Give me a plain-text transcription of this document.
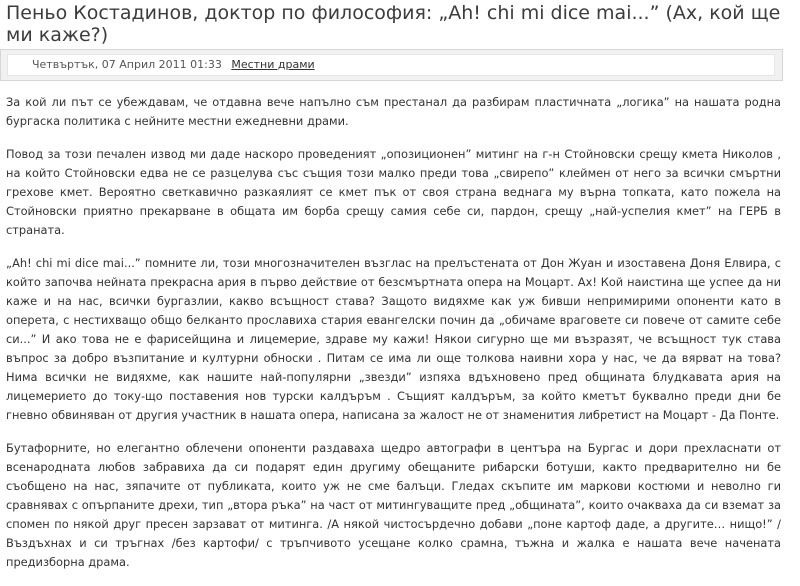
Пеньо Костадинов, доктор по философия: „Ah! chi mi dice mai...” (Ах, кой ще ми каже?)
Четвъртък, 07 Април 2011 01:33 Местни драми

За кой ли път се убеждавам, че отдавна вече напълно съм престанал да разбирам пластичната „логика” на нашата родна бургаска политика с нейните местни ежедневни драми.

Повод за този печален извод ми даде наскоро проведеният „опозиционен” митинг на г-н Стойновски срещу кмета Николов , на който Стойновски едва не се разцелува със същия този малко преди това „свирепо” клеймен от него за всички смъртни грехове кмет. Вероятно светкавично разкаялият се кмет пък от своя страна веднага му върна топката, като пожела на Стойновски приятно прекарване в общата им борба срещу самия себе си, пардон, срещу „най-успелия кмет” на ГЕРБ в страната.

„Ah! chi mi dice mai...” помните ли, този многозначителен възглас на прелъстената от Дон Жуан и изоставена Доня Елвира, с който започва нейната прекрасна ария в първо действие от безсмъртната опера на Моцарт. Ах! Кой наистина ще успее да ни каже и на нас, всички бургазлии, какво всъщност става? Защото видяхме как уж бивши непримирими опоненти като в оперета, с нестихващо общо белканто прославиха стария евангелски почин да „обичаме враговете си повече от самите себе си...” И ако това не е фарисейщина и лицемерие, здраве му кажи! Някои сигурно ще ми възразят, че всъщност тук става въпрос за добро възпитание и културни обноски . Питам се има ли още толкова наивни хора у нас, че да вярват на това? Нима всички не видяхме, как нашите най-популярни „звезди” изпяха вдъхновено пред общината блудкавата ария на лицемерието до току-що поставения нов турски калдъръм . Същият калдъръм, за който кметът буквално преди дни бе гневно обвиняван от другия участник в нашата опера, написана за жалост не от знаменития либретист на Моцарт - Да Понте.

Бутафорните, но елегантно облечени опоненти раздаваха щедро автографи в центъра на Бургас и дори прехласнати от всенародната любов забравиха да си подарят един другиму обещаните рибарски ботуши, както предварително ни бе съобщено на нас, зяпачите от публиката, които уж не сме балъци. Гледах скъпите им маркови костюми и неволно ги сравнявах с опърпаните дрехи, тип „втора ръка” на част от митингуващите пред „общината”, които очакваха да си вземат за спомен по някой друг пресен зарзават от митинга. /А някой чистосърдечно добави „поне картоф даде, а другите… нищо!” / Въздъхнах и си тръгнах /без картофи/ с тръпчивото усещане колко срамна, тъжна и жалка е нашата вече начената предизборна драма.
